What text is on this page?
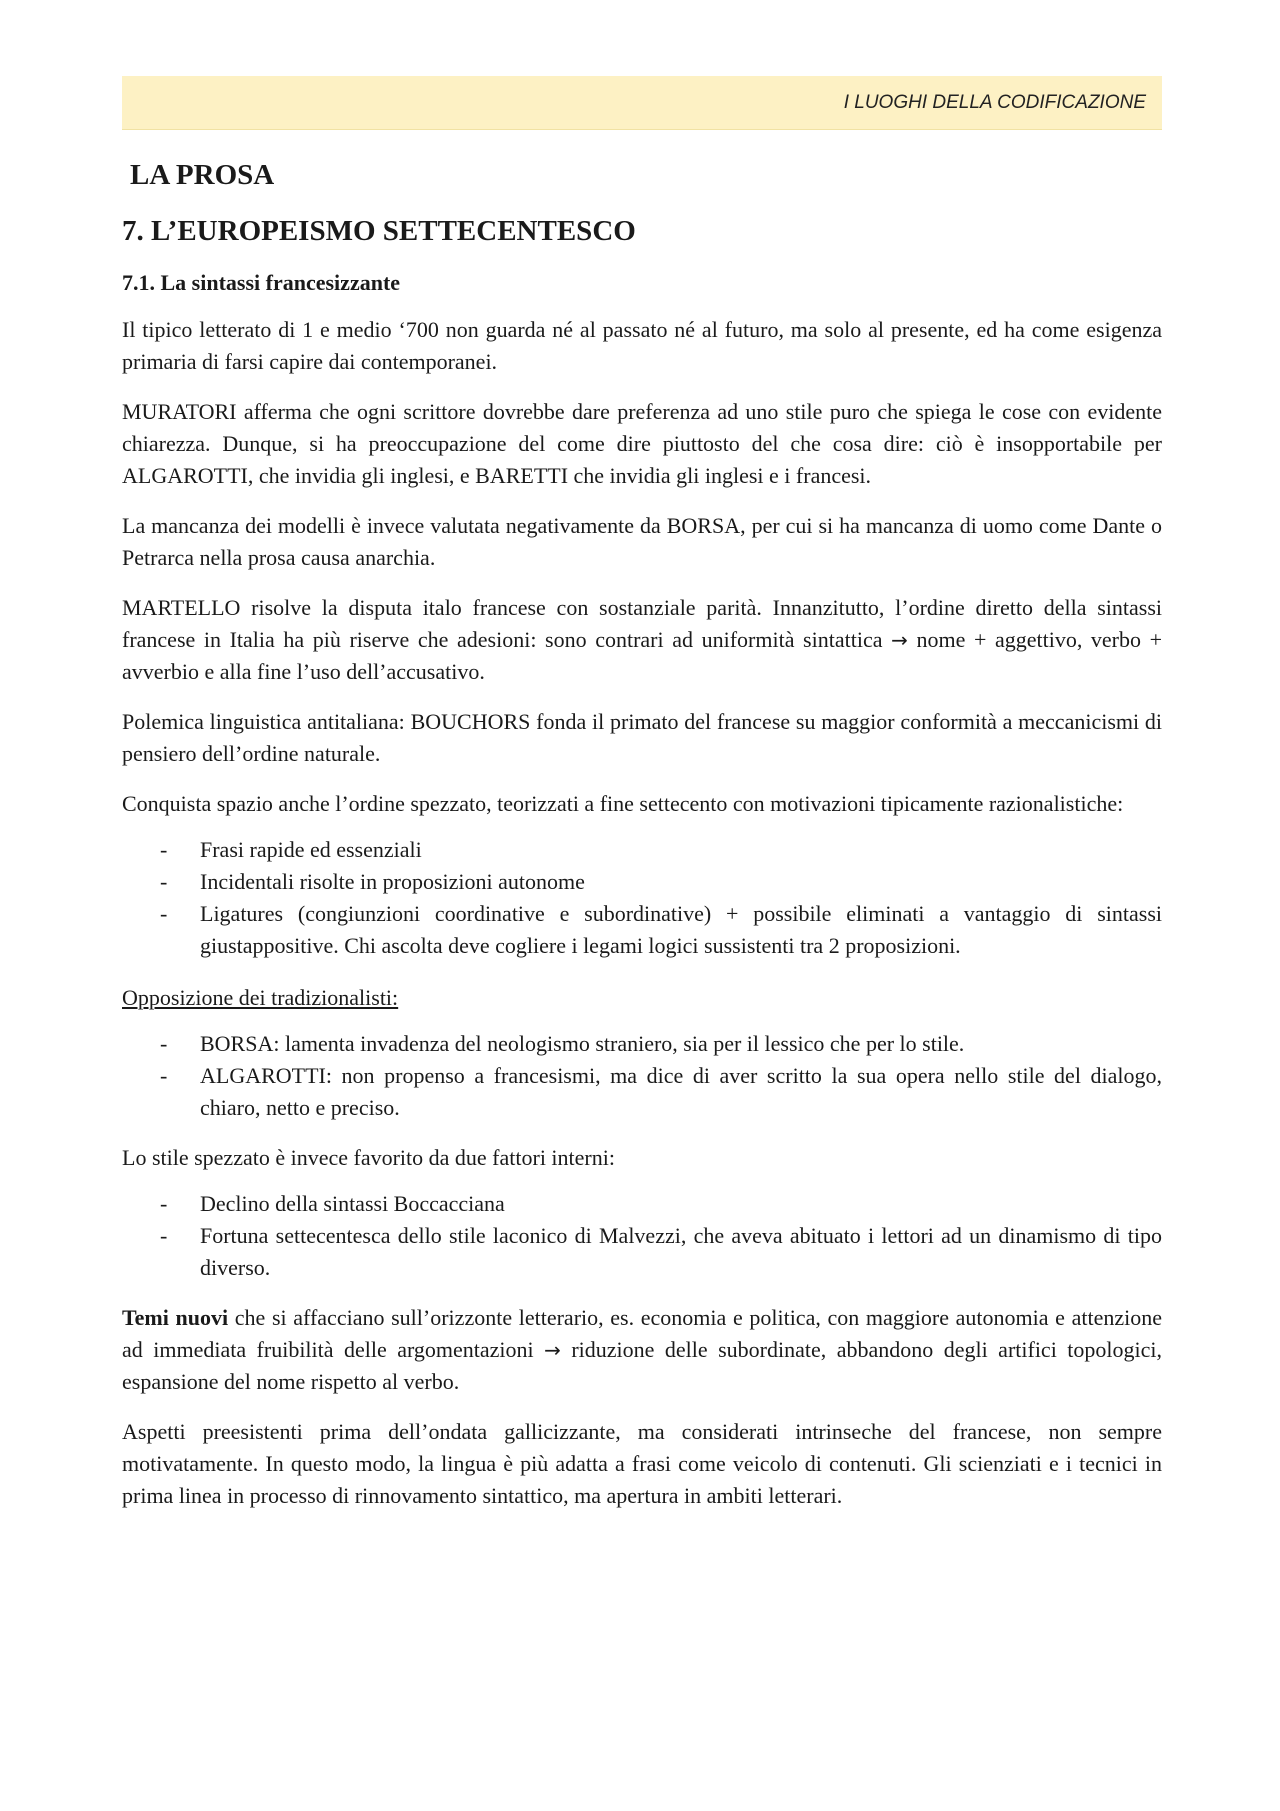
I LUOGHI DELLA CODIFICAZIONE
LA PROSA
7. L’EUROPEISMO SETTECENTESCO
7.1. La sintassi francesizzante

Il tipico letterato di 1 e medio ‘700 non guarda né al passato né al futuro, ma solo al presente, ed ha come esigenza primaria di farsi capire dai contemporanei.

MURATORI afferma che ogni scrittore dovrebbe dare preferenza ad uno stile puro che spiega le cose con evidente chiarezza. Dunque, si ha preoccupazione del come dire piuttosto del che cosa dire: ciò è insopportabile per ALGAROTTI, che invidia gli inglesi, e BARETTI che invidia gli inglesi e i francesi.

La mancanza dei modelli è invece valutata negativamente da BORSA, per cui si ha mancanza di uomo come Dante o Petrarca nella prosa causa anarchia.

MARTELLO risolve la disputa italo francese con sostanziale parità. Innanzitutto, l’ordine diretto della sintassi francese in Italia ha più riserve che adesioni: sono contrari ad uniformità sintattica → nome + aggettivo, verbo + avverbio e alla fine l’uso dell’accusativo.

Polemica linguistica antitaliana: BOUCHORS fonda il primato del francese su maggior conformità a meccanicismi di pensiero dell’ordine naturale.

Conquista spazio anche l’ordine spezzato, teorizzati a fine settecento con motivazioni tipicamente razionalistiche:

- Frasi rapide ed essenziali
- Incidentali risolte in proposizioni autonome
- Ligatures (congiunzioni coordinative e subordinative) + possibile eliminati a vantaggio di sintassi giustappositive. Chi ascolta deve cogliere i legami logici sussistenti tra 2 proposizioni.

Opposizione dei tradizionalisti:

- BORSA: lamenta invadenza del neologismo straniero, sia per il lessico che per lo stile.
- ALGAROTTI: non propenso a francesismi, ma dice di aver scritto la sua opera nello stile del dialogo, chiaro, netto e preciso.

Lo stile spezzato è invece favorito da due fattori interni:

- Declino della sintassi Boccacciana
- Fortuna settecentesca dello stile laconico di Malvezzi, che aveva abituato i lettori ad un dinamismo di tipo diverso.

Temi nuovi che si affacciano sull’orizzonte letterario, es. economia e politica, con maggiore autonomia e attenzione ad immediata fruibilità delle argomentazioni → riduzione delle subordinate, abbandono degli artifici topologici, espansione del nome rispetto al verbo.

Aspetti preesistenti prima dell’ondata gallicizzante, ma considerati intrinseche del francese, non sempre motivatamente. In questo modo, la lingua è più adatta a frasi come veicolo di contenuti. Gli scienziati e i tecnici in prima linea in processo di rinnovamento sintattico, ma apertura in ambiti letterari.
